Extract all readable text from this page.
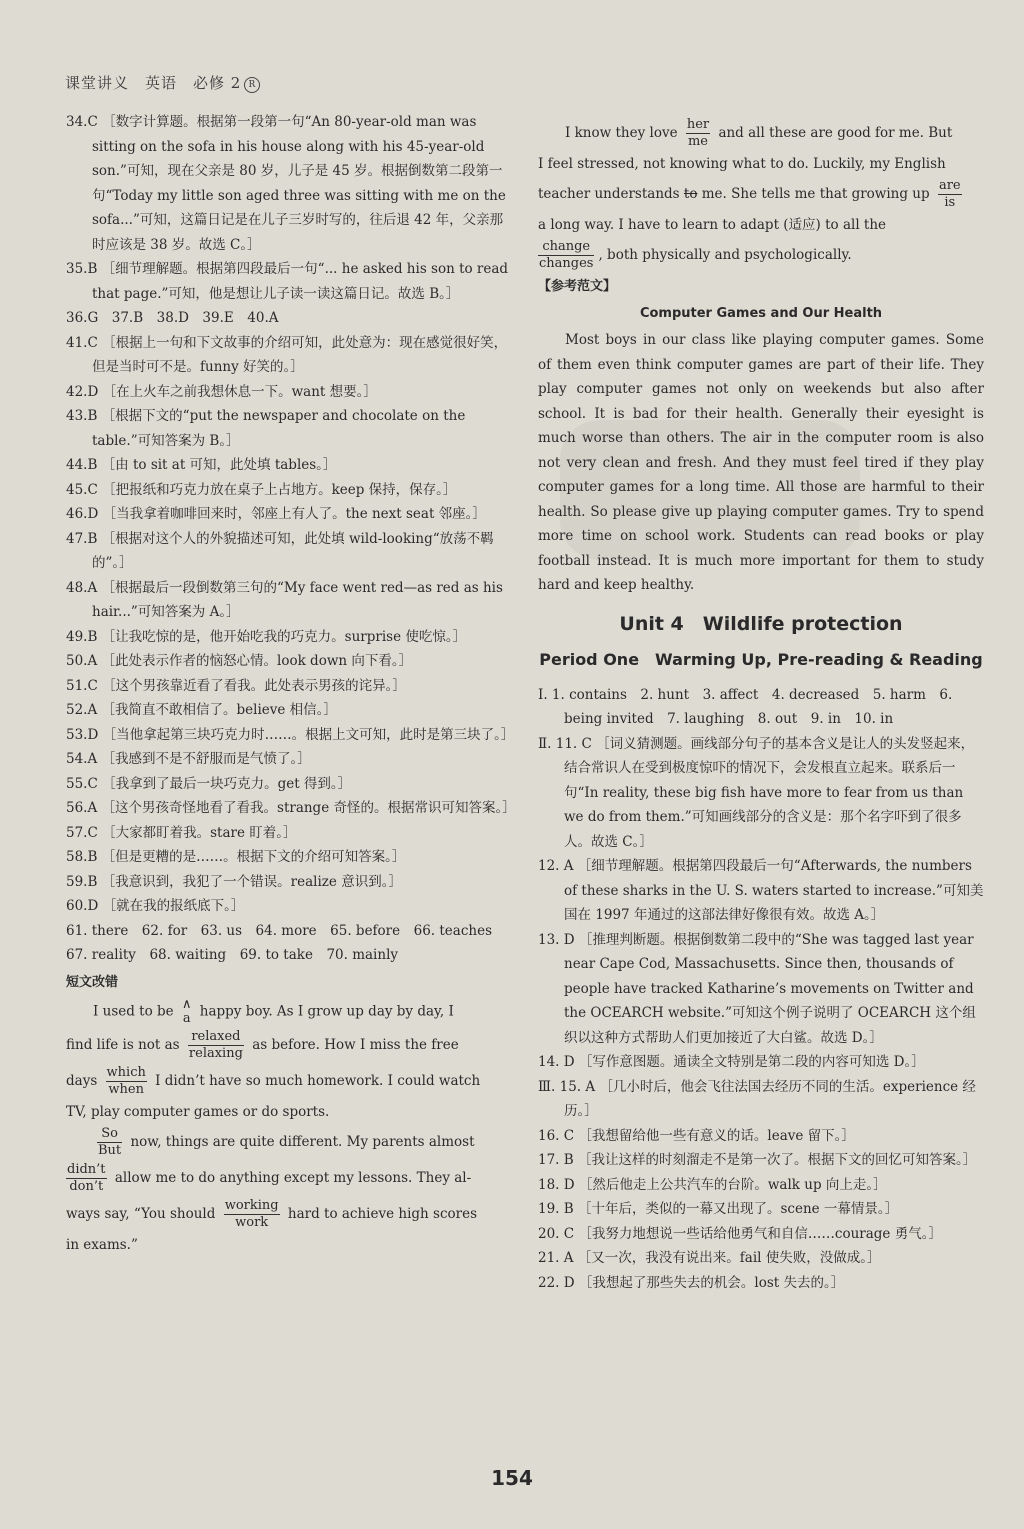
课堂讲义　英语　必修 2 R

34.C ［数字计算题。根据第一段第一句“An 80-year-old man was sitting on the sofa in his house along with his 45-year-old son.”可知，现在父亲是 80 岁，儿子是 45 岁。根据倒数第二段第一句“Today my little son aged three was sitting with me on the sofa...”可知，这篇日记是在儿子三岁时写的，往后退 42 年，父亲那时应该是 38 岁。故选 C。］

35.B ［细节理解题。根据第四段最后一句“... he asked his son to read that page.”可知，他是想让儿子读一读这篇日记。故选 B。］

36.G　37.B　38.D　39.E　40.A

41.C ［根据上一句和下文故事的介绍可知，此处意为：现在感觉很好笑，但是当时可不是。funny 好笑的。］

42.D ［在上火车之前我想休息一下。want 想要。］

43.B ［根据下文的“put the newspaper and chocolate on the table.”可知答案为 B。］

44.B ［由 to sit at 可知，此处填 tables。］

45.C ［把报纸和巧克力放在桌子上占地方。keep 保持，保存。］

46.D ［当我拿着咖啡回来时，邻座上有人了。the next seat 邻座。］

47.B ［根据对这个人的外貌描述可知，此处填 wild-looking“放荡不羁的”。］

48.A ［根据最后一段倒数第三句的“My face went red—as red as his hair...”可知答案为 A。］

49.B ［让我吃惊的是，他开始吃我的巧克力。surprise 使吃惊。］

50.A ［此处表示作者的恼怒心情。look down 向下看。］

51.C ［这个男孩靠近看了看我。此处表示男孩的诧异。］

52.A ［我简直不敢相信了。believe 相信。］

53.D ［当他拿起第三块巧克力时……。根据上文可知，此时是第三块了。］

54.A ［我感到不是不舒服而是气愤了。］

55.C ［我拿到了最后一块巧克力。get 得到。］

56.A ［这个男孩奇怪地看了看我。strange 奇怪的。根据常识可知答案。］

57.C ［大家都盯着我。stare 盯着。］

58.B ［但是更糟的是……。根据下文的介绍可知答案。］

59.B ［我意识到，我犯了一个错误。realize 意识到。］

60.D ［就在我的报纸底下。］

61. there　62. for　63. us　64. more　65. before　66. teaches

67. reality　68. waiting　69. to take　70. mainly

短文改错
I used to be ∧
a happy boy. As I grow up day by day, I
find life is not as $\frac{\text{relaxed}}{\text{relaxing}}$ as before. How I miss the free
days $\frac{\text{which}}{\text{when}}$ I didn’t have so much homework. I could watch
TV, play computer games or do sports.
$\frac{So}{\text{But}}$ now, things are quite different. My parents almost
$\frac{\text{didn’t}}{\text{don’t}}$ allow me to do anything except my lessons. They al-
ways say, “You should $\frac{\text{working}}{\text{work}}$ hard to achieve high scores
in exams.”
I know they love $\frac{\text{her}}{me}$ and all these are good for me. But
I feel stressed, not knowing what to do. Luckily, my English
teacher understands to me. She tells me that growing up $\frac{\text{are}}{is}$
a long way. I have to learn to adapt (适应) to all the
$\frac{\text{change}}{\text{changes}}$ , both physically and psychologically.
【参考范文】
Computer Games and Our Health

Most boys in our class like playing computer games. Some of them even think computer games are part of their life. They play computer games not only on weekends but also after school. It is bad for their health. Generally their eyesight is much worse than others. The air in the computer room is also not very clean and fresh. And they must feel tired if they play computer games for a long time. All those are harmful to their health. So please give up playing computer games. Try to spend more time on school work. Students can read books or play football instead. It is much more important for them to study hard and keep healthy.

Unit 4　Wildlife protection
Period One　Warming Up, Pre-reading & Reading

Ⅰ. 1. contains　2. hunt　3. affect　4. decreased　5. harm　6. being invited　7. laughing　8. out　9. in　10. in

Ⅱ. 11. C ［词义猜测题。画线部分句子的基本含义是让人的头发竖起来，结合常识人在受到极度惊吓的情况下，会发根直立起来。联系后一句“In reality, these big fish have more to fear from us than we do from them.”可知画线部分的含义是：那个名字吓到了很多人。故选 C。］

12. A ［细节理解题。根据第四段最后一句“Afterwards, the numbers of these sharks in the U. S. waters started to increase.”可知美国在 1997 年通过的这部法律好像很有效。故选 A。］

13. D ［推理判断题。根据倒数第二段中的“She was tagged last year near Cape Cod, Massachusetts. Since then, thousands of people have tracked Katharine’s movements on Twitter and the OCEARCH website.”可知这个例子说明了 OCEARCH 这个组织以这种方式帮助人们更加接近了大白鲨。故选 D。］

14. D ［写作意图题。通读全文特别是第二段的内容可知选 D。］

Ⅲ. 15. A ［几小时后，他会飞往法国去经历不同的生活。experience 经历。］

16. C ［我想留给他一些有意义的话。leave 留下。］

17. B ［我让这样的时刻溜走不是第一次了。根据下文的回忆可知答案。］

18. D ［然后他走上公共汽车的台阶。walk up 向上走。］

19. B ［十年后，类似的一幕又出现了。scene 一幕情景。］

20. C ［我努力地想说一些话给他勇气和自信……courage 勇气。］

21. A ［又一次，我没有说出来。fail 使失败，没做成。］

22. D ［我想起了那些失去的机会。lost 失去的。］

154
